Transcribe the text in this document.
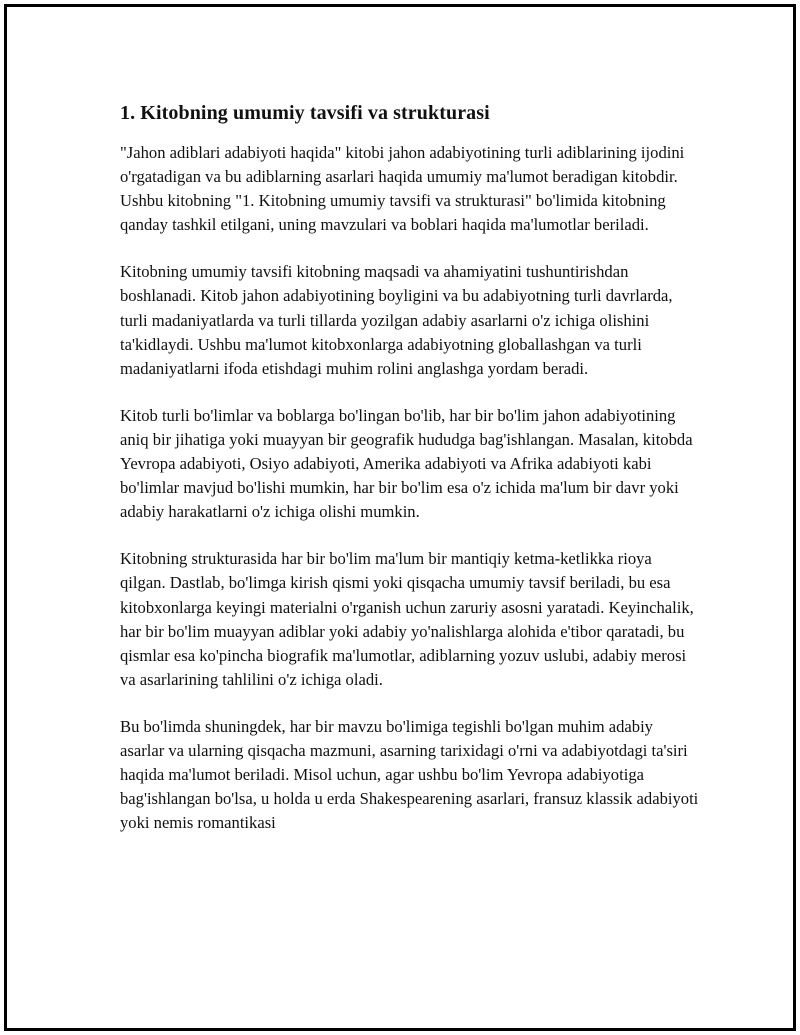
1. Kitobning umumiy tavsifi va strukturasi

"Jahon adiblari adabiyoti haqida" kitobi jahon adabiyotining turli adiblarining ijodini o'rgatadigan va bu adiblarning asarlari haqida umumiy ma'lumot beradigan kitobdir. Ushbu kitobning "1. Kitobning umumiy tavsifi va strukturasi" bo'limida kitobning qanday tashkil etilgani, uning mavzulari va boblari haqida ma'lumotlar beriladi.

Kitobning umumiy tavsifi kitobning maqsadi va ahamiyatini tushuntirishdan boshlanadi. Kitob jahon adabiyotining boyligini va bu adabiyotning turli davrlarda, turli madaniyatlarda va turli tillarda yozilgan adabiy asarlarni o'z ichiga olishini ta'kidlaydi. Ushbu ma'lumot kitobxonlarga adabiyotning globallashgan va turli madaniyatlarni ifoda etishdagi muhim rolini anglashga yordam beradi.

Kitob turli bo'limlar va boblarga bo'lingan bo'lib, har bir bo'lim jahon adabiyotining aniq bir jihatiga yoki muayyan bir geografik hududga bag'ishlangan. Masalan, kitobda Yevropa adabiyoti, Osiyo adabiyoti, Amerika adabiyoti va Afrika adabiyoti kabi bo'limlar mavjud bo'lishi mumkin, har bir bo'lim esa o'z ichida ma'lum bir davr yoki adabiy harakatlarni o'z ichiga olishi mumkin.

Kitobning strukturasida har bir bo'lim ma'lum bir mantiqiy ketma-ketlikka rioya qilgan. Dastlab, bo'limga kirish qismi yoki qisqacha umumiy tavsif beriladi, bu esa kitobxonlarga keyingi materialni o'rganish uchun zaruriy asosni yaratadi. Keyinchalik, har bir bo'lim muayyan adiblar yoki adabiy yo'nalishlarga alohida e'tibor qaratadi, bu qismlar esa ko'pincha biografik ma'lumotlar, adiblarning yozuv uslubi, adabiy merosi va asarlarining tahlilini o'z ichiga oladi.

Bu bo'limda shuningdek, har bir mavzu bo'limiga tegishli bo'lgan muhim adabiy asarlar va ularning qisqacha mazmuni, asarning tarixidagi o'rni va adabiyotdagi ta'siri haqida ma'lumot beriladi. Misol uchun, agar ushbu bo'lim Yevropa adabiyotiga bag'ishlangan bo'lsa, u holda u erda Shakespearening asarlari, fransuz klassik adabiyoti yoki nemis romantikasi
